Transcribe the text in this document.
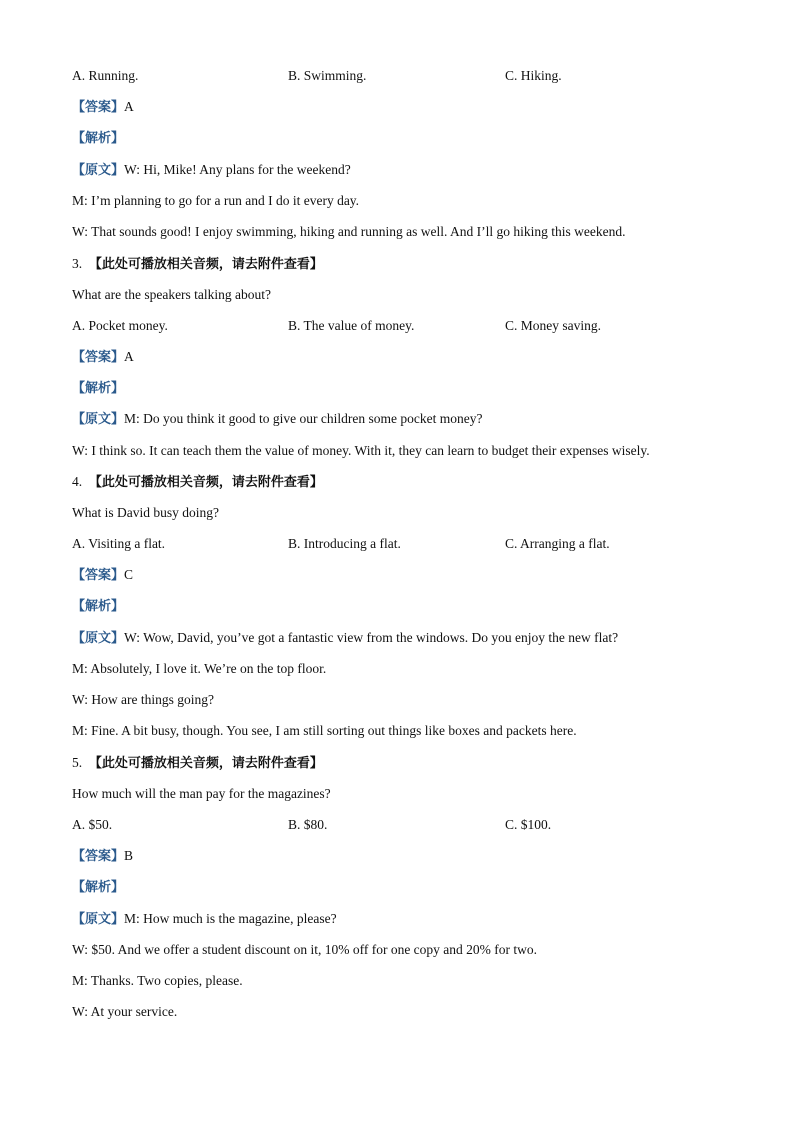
A. Running.	B. Swimming.	C. Hiking.
【答案】A
【解析】
【原文】W: Hi, Mike! Any plans for the weekend?
M: I’m planning to go for a run and I do it every day.
W: That sounds good! I enjoy swimming, hiking and running as well. And I’ll go hiking this weekend.
3. 【此处可播放相关音频，请去附件查看】
What are the speakers talking about?
A. Pocket money.	B. The value of money.	C. Money saving.
【答案】A
【解析】
【原文】M: Do you think it good to give our children some pocket money?
W: I think so. It can teach them the value of money. With it, they can learn to budget their expenses wisely.
4. 【此处可播放相关音频，请去附件查看】
What is David busy doing?
A. Visiting a flat.	B. Introducing a flat.	C. Arranging a flat.
【答案】C
【解析】
【原文】W: Wow, David, you’ve got a fantastic view from the windows. Do you enjoy the new flat?
M: Absolutely, I love it. We’re on the top floor.
W: How are things going?
M: Fine. A bit busy, though. You see, I am still sorting out things like boxes and packets here.
5. 【此处可播放相关音频，请去附件查看】
How much will the man pay for the magazines?
A. $50.	B. $80.	C. $100.
【答案】B
【解析】
【原文】M: How much is the magazine, please?
W: $50. And we offer a student discount on it, 10% off for one copy and 20% for two.
M: Thanks. Two copies, please.
W: At your service.
